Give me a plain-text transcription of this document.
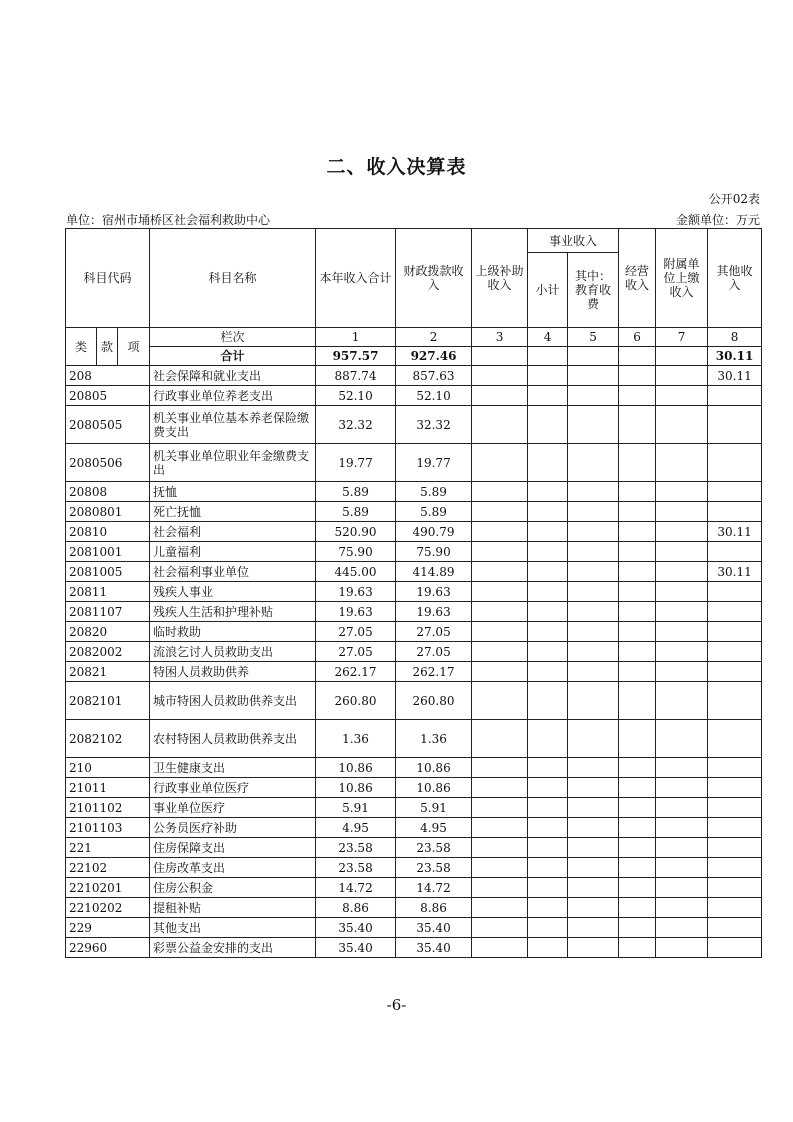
二、收入决算表
公开02表
单位：宿州市埇桥区社会福利救助中心	金额单位：万元
科目代码			科目名称	本年收入合计	财政拨款收入	上级补助收入	事业收入		经营收入	附属单位上缴收入	其他收入
							小计	其中：教育收费			

类	款	项	栏次	1	2	3	4	5	6	7	8
			合计	957.57	927.46						30.11
208			社会保障和就业支出	887.74	857.63						30.11
20805			行政事业单位养老支出	52.10	52.10						
2080505			机关事业单位基本养老保险缴费支出	32.32	32.32						
2080506			机关事业单位职业年金缴费支出	19.77	19.77						
20808			抚恤	5.89	5.89						
2080801			死亡抚恤	5.89	5.89						
20810			社会福利	520.90	490.79						30.11
2081001			儿童福利	75.90	75.90						
2081005			社会福利事业单位	445.00	414.89						30.11
20811			残疾人事业	19.63	19.63						
2081107			残疾人生活和护理补贴	19.63	19.63						
20820			临时救助	27.05	27.05						
2082002			流浪乞讨人员救助支出	27.05	27.05						
20821			特困人员救助供养	262.17	262.17						
2082101			城市特困人员救助供养支出	260.80	260.80						
2082102			农村特困人员救助供养支出	1.36	1.36						
210			卫生健康支出	10.86	10.86						
21011			行政事业单位医疗	10.86	10.86						
2101102			事业单位医疗	5.91	5.91						
2101103			公务员医疗补助	4.95	4.95						
221			住房保障支出	23.58	23.58						
22102			住房改革支出	23.58	23.58						
2210201			住房公积金	14.72	14.72						
2210202			提租补贴	8.86	8.86						
229			其他支出	35.40	35.40						
22960			彩票公益金安排的支出	35.40	35.40						
-6-
